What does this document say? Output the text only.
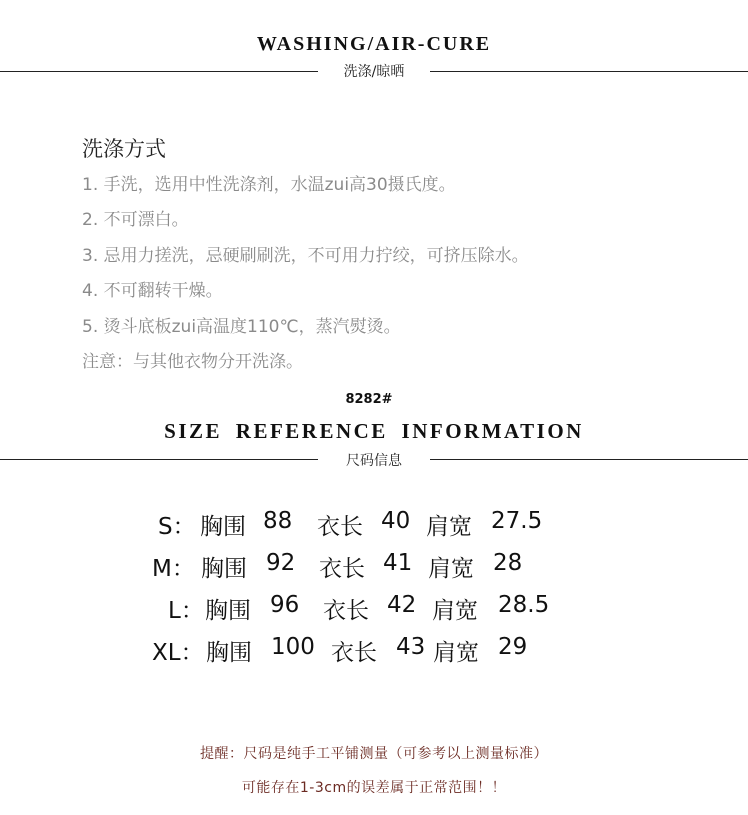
WASHING/AIR-CURE
洗涤/晾晒
洗涤方式
1. 手洗，选用中性洗涤剂，水温zui高30摄氏度。
2. 不可漂白。
3. 忌用力搓洗，忌硬刷刷洗，不可用力拧绞，可挤压除水。
4. 不可翻转干燥。
5. 烫斗底板zui高温度110℃，蒸汽熨烫。
注意：与其他衣物分开洗涤。
8282#
SIZE REFERENCE INFORMATION
尺码信息
S： 胸围 88 衣长 40 肩宽 27.5
M： 胸围 92 衣长 41 肩宽 28
L： 胸围 96 衣长 42 肩宽 28.5
XL： 胸围 100 衣长 43 肩宽 29
提醒：尺码是纯手工平铺测量（可参考以上测量标准）
可能存在1-3cm的误差属于正常范围！！
